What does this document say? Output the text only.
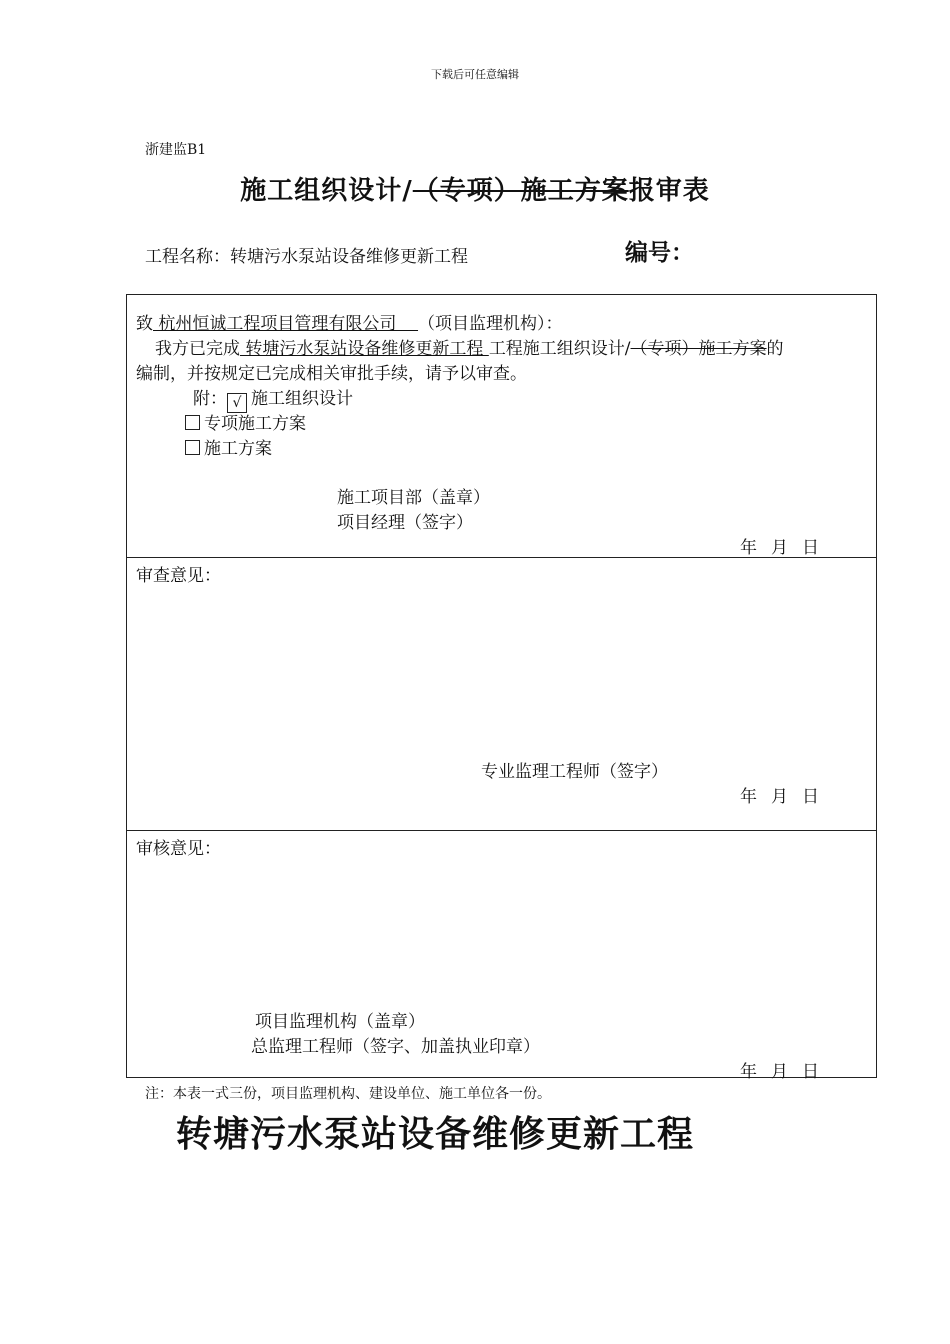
下载后可任意编辑
浙建监B1
施工组织设计/（专项）施工方案报审表
工程名称：转塘污水泵站设备维修更新工程	编号：
致 杭州恒诚工程项目管理有限公司    （项目监理机构）：
我方已完成 转塘污水泵站设备维修更新工程 工程施工组织设计/（专项）施工方案的
编制，并按规定已完成相关审批手续，请予以审查。
附： √ 施工组织设计
专项施工方案
施工方案
施工项目部（盖章）
项目经理（签字）
年 月 日
审查意见：
专业监理工程师（签字）
年 月 日
审核意见：
项目监理机构（盖章）
总监理工程师（签字、加盖执业印章）
年 月 日
注：本表一式三份，项目监理机构、建设单位、施工单位各一份。
转塘污水泵站设备维修更新工程
